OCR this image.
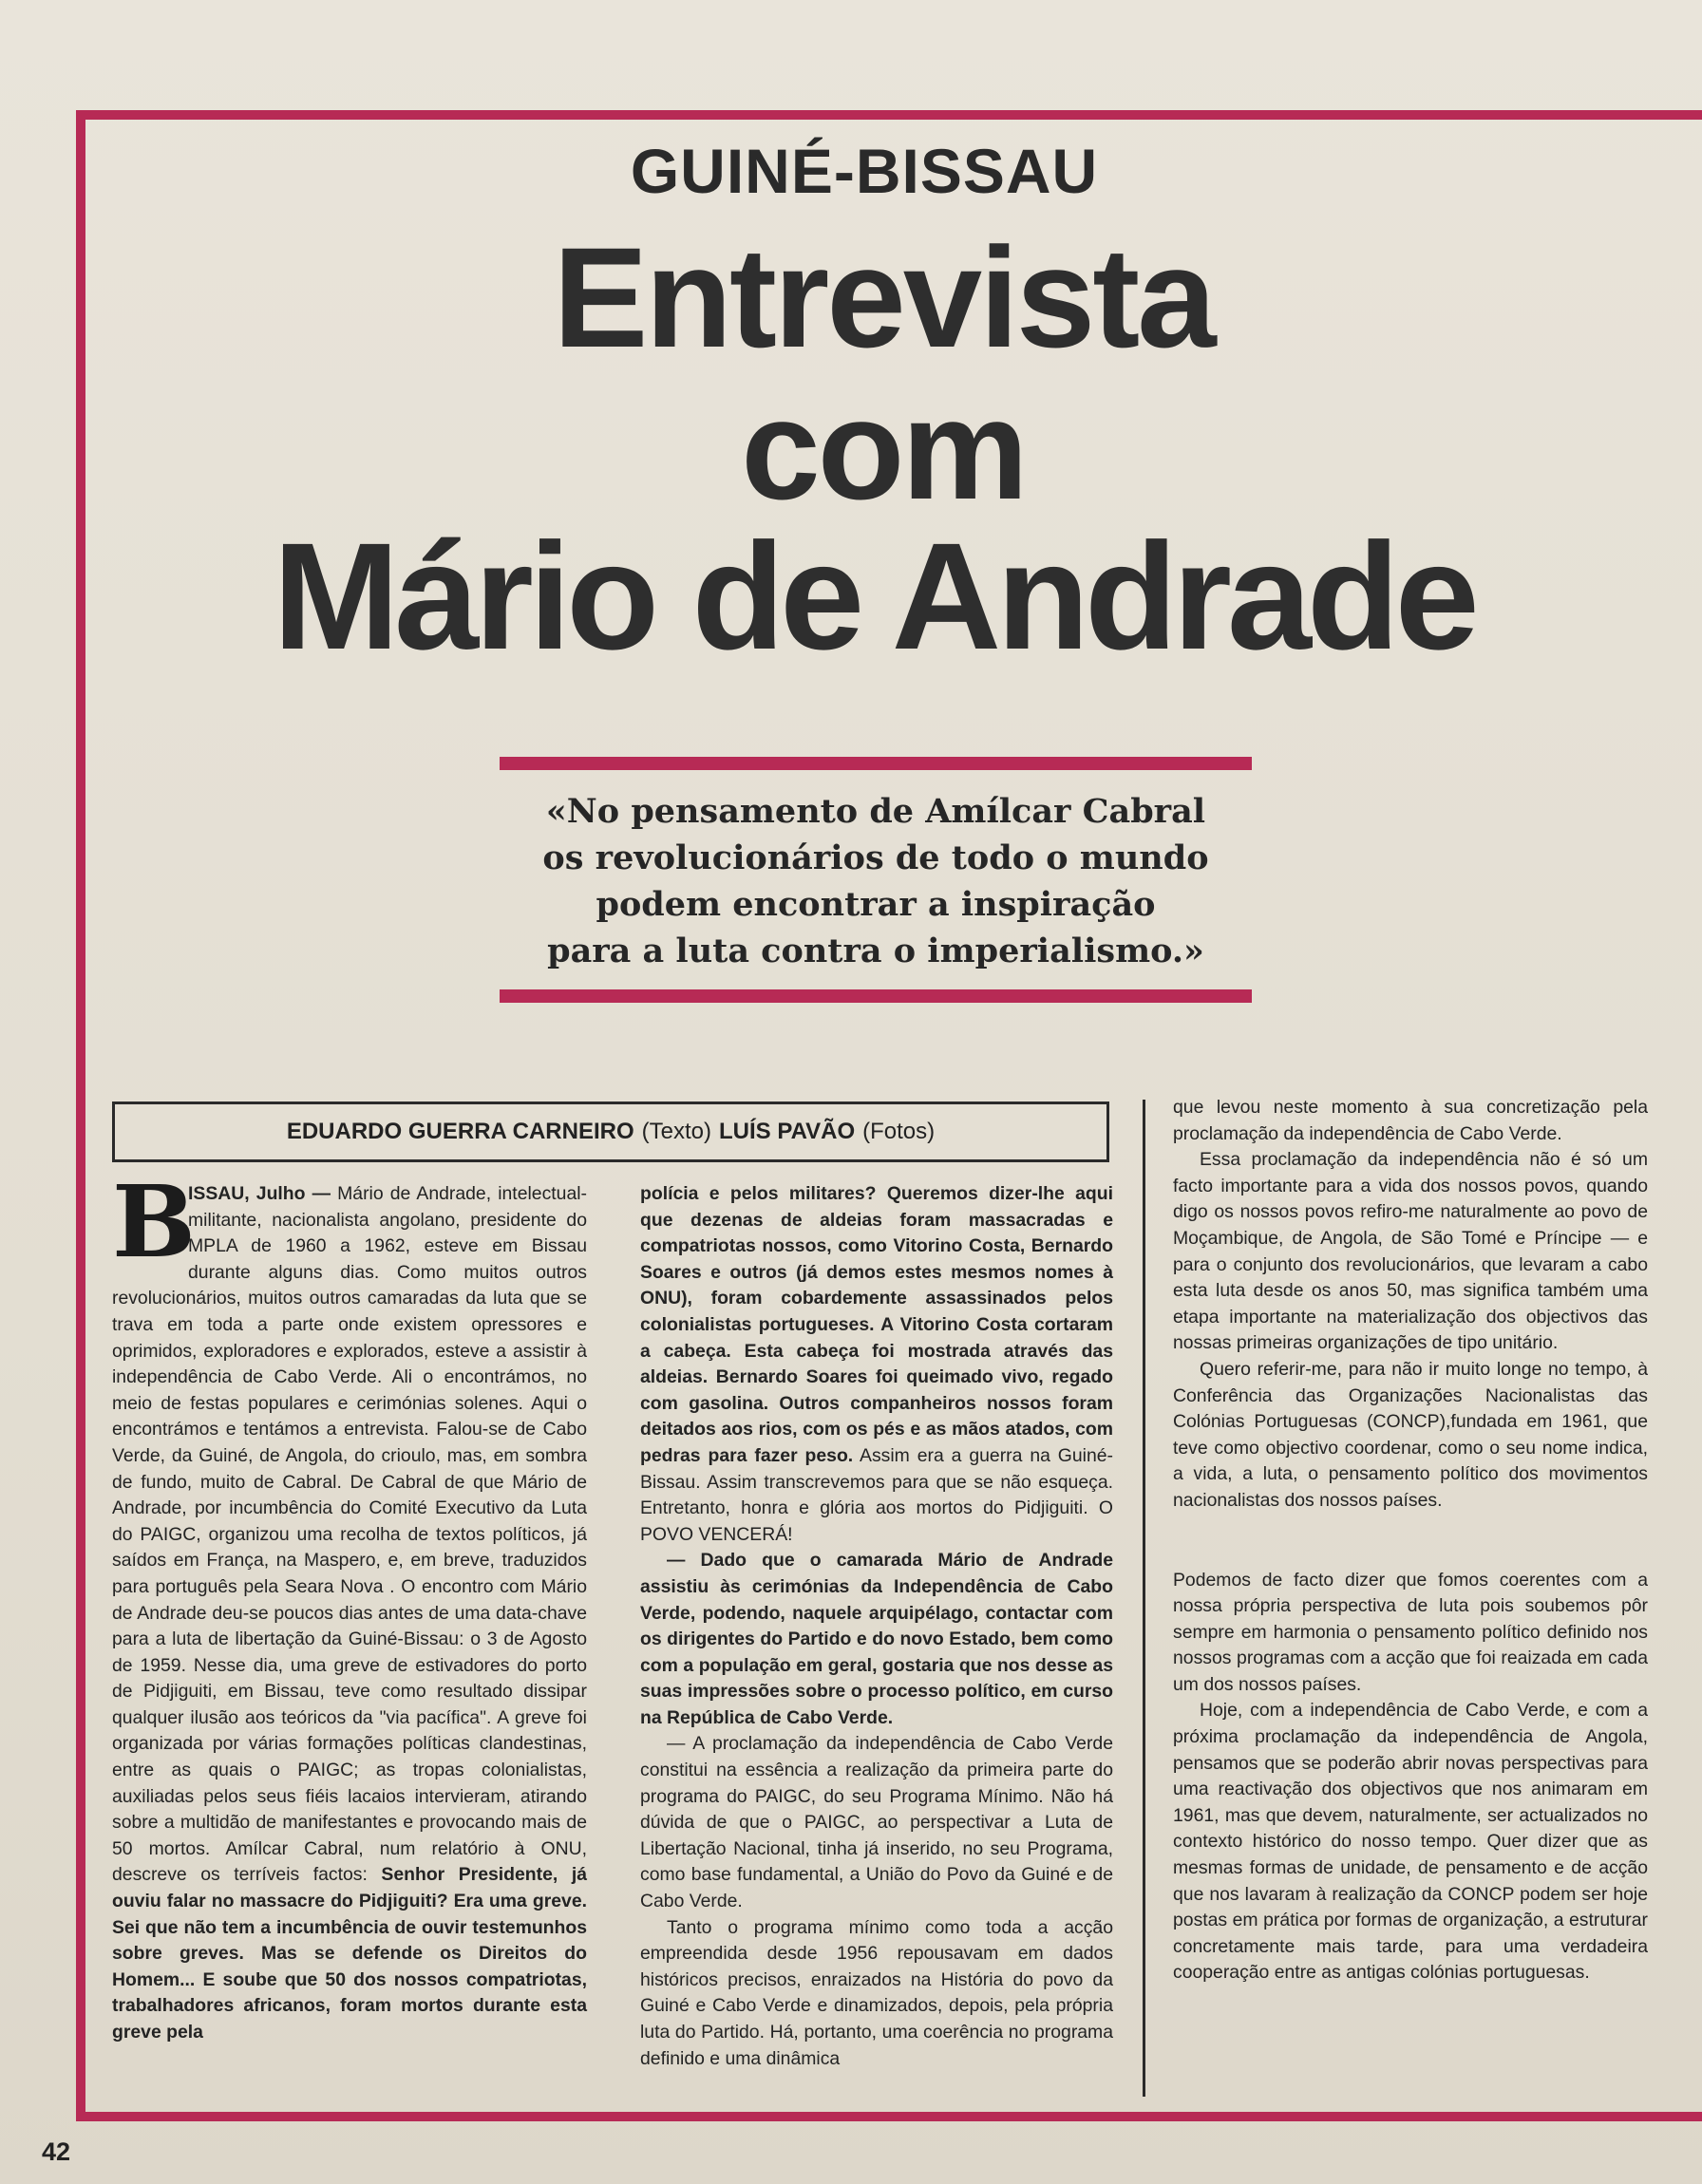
GUINÉ-BISSAU
Entrevista
com
Mário de Andrade
«No pensamento de Amílcar Cabral
os revolucionários de todo o mundo
podem encontrar a inspiração
para a luta contra o imperialismo.»
EDUARDO GUERRA CARNEIRO (Texto) LUÍS PAVÃO (Fotos)

B
ISSAU, Julho — Mário de Andrade, intelectual-militante, nacionalista angolano, presidente do MPLA de 1960 a 1962, esteve em Bissau durante alguns dias. Como muitos outros revolucionários, muitos outros camaradas da luta que se trava em toda a parte onde existem opressores e oprimidos, exploradores e explorados, esteve a assistir à independência de Cabo Verde. Ali o encontrámos, no meio de festas populares e cerimónias solenes. Aqui o encontrámos e tentámos a entrevista. Falou-se de Cabo Verde, da Guiné, de Angola, do crioulo, mas, em sombra de fundo, muito de Cabral. De Cabral de que Mário de Andrade, por incumbência do Comité Executivo da Luta do PAIGC, organizou uma recolha de textos políticos, já saídos em França, na Maspero, e, em breve, traduzidos para português pela Seara Nova . O encontro com Mário de Andrade deu-se poucos dias antes de uma data-chave para a luta de libertação da Guiné-Bissau: o 3 de Agosto de 1959. Nesse dia, uma greve de estivadores do porto de Pidjiguiti, em Bissau, teve como resultado dissipar qualquer ilusão aos teóricos da "via pacífica". A greve foi organizada por várias formações políticas clandestinas, entre as quais o PAIGC; as tropas colonialistas, auxiliadas pelos seus fiéis lacaios intervieram, atirando sobre a multidão de manifestantes e provocando mais de 50 mortos. Amílcar Cabral, num relatório à ONU, descreve os terríveis factos: Senhor Presidente, já ouviu falar no massacre do Pidjiguiti? Era uma greve. Sei que não tem a incumbência de ouvir testemunhos sobre greves. Mas se defende os Direitos do Homem... E soube que 50 dos nossos compatriotas, trabalhadores africanos, foram mortos durante esta greve pela

polícia e pelos militares? Queremos dizer-lhe aqui que dezenas de aldeias foram massacradas e compatriotas nossos, como Vitorino Costa, Bernardo Soares e outros (já demos estes mesmos nomes à ONU), foram cobardemente assassinados pelos colonialistas portugueses. A Vitorino Costa cortaram a cabeça. Esta cabeça foi mostrada através das aldeias. Bernardo Soares foi queimado vivo, regado com gasolina. Outros companheiros nossos foram deitados aos rios, com os pés e as mãos atados, com pedras para fazer peso. Assim era a guerra na Guiné-Bissau. Assim transcrevemos para que se não esqueça. Entretanto, honra e glória aos mortos do Pidjiguiti. O POVO VENCERÁ!

— Dado que o camarada Mário de Andrade assistiu às cerimónias da Independência de Cabo Verde, podendo, naquele arquipélago, contactar com os dirigentes do Partido e do novo Estado, bem como com a população em geral, gostaria que nos desse as suas impressões sobre o processo político, em curso na República de Cabo Verde.

— A proclamação da independência de Cabo Verde constitui na essência a realização da primeira parte do programa do PAIGC, do seu Programa Mínimo. Não há dúvida de que o PAIGC, ao perspectivar a Luta de Libertação Nacional, tinha já inserido, no seu Programa, como base fundamental, a União do Povo da Guiné e de Cabo Verde.

Tanto o programa mínimo como toda a acção empreendida desde 1956 repousavam em dados históricos precisos, enraizados na História do povo da Guiné e Cabo Verde e dinamizados, depois, pela própria luta do Partido. Há, portanto, uma coerência no programa definido e uma dinâmica

que levou neste momento à sua concretização pela proclamação da independência de Cabo Verde.

Essa proclamação da independência não é só um facto importante para a vida dos nossos povos, quando digo os nossos povos refiro-me naturalmente ao povo de Moçambique, de Angola, de São Tomé e Príncipe — e para o conjunto dos revolucionários, que levaram a cabo esta luta desde os anos 50, mas significa também uma etapa importante na materialização dos objectivos das nossas primeiras organizações de tipo unitário.

Quero referir-me, para não ir muito longe no tempo, à Conferência das Organizações Nacionalistas das Colónias Portuguesas (CONCP),fundada em 1961, que teve como objectivo coordenar, como o seu nome indica, a vida, a luta, o pensamento político dos movimentos nacionalistas dos nossos países.

Podemos de facto dizer que fomos coerentes com a nossa própria perspectiva de luta pois soubemos pôr sempre em harmonia o pensamento político definido nos nossos programas com a acção que foi reaizada em cada um dos nossos países.

Hoje, com a independência de Cabo Verde, e com a próxima proclamação da independência de Angola, pensamos que se poderão abrir novas perspectivas para uma reactivação dos objectivos que nos animaram em 1961, mas que devem, naturalmente, ser actualizados no contexto histórico do nosso tempo. Quer dizer que as mesmas formas de unidade, de pensamento e de acção que nos lavaram à realização da CONCP podem ser hoje postas em prática por formas de organização, a estruturar concretamente mais tarde, para uma verdadeira cooperação entre as antigas colónias portuguesas.

42
